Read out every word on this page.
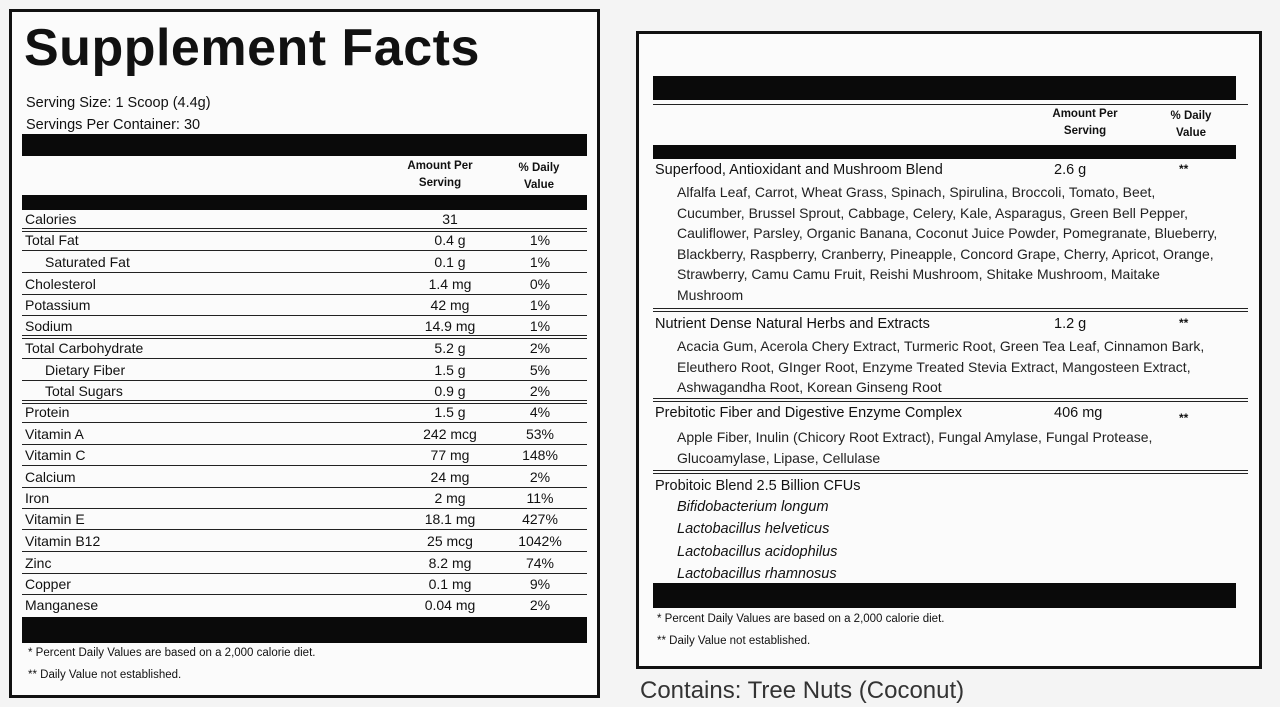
Supplement Facts
Serving Size: 1 Scoop (4.4g)
Servings Per Container: 30
Amount Per
Serving
% Daily
Value
Calories	31
Total Fat	0.4 g	1%
Saturated Fat	0.1 g	1%
Cholesterol	1.4 mg	0%
Potassium	42 mg	1%
Sodium	14.9 mg	1%
Total Carbohydrate	5.2 g	2%
Dietary Fiber	1.5 g	5%
Total Sugars	0.9 g	2%
Protein	1.5 g	4%
Vitamin A	242 mcg	53%
Vitamin C	77 mg	148%
Calcium	24 mg	2%
Iron	2 mg	11%
Vitamin E	18.1 mg	427%
Vitamin B12	25 mcg	1042%
Zinc	8.2 mg	74%
Copper	0.1 mg	9%
Manganese	0.04 mg	2%
* Percent Daily Values are based on a 2,000 calorie diet.
** Daily Value not established.
Amount Per
Serving
% Daily
Value
Superfood, Antioxidant and Mushroom Blend	2.6 g	**
Alfalfa Leaf, Carrot, Wheat Grass, Spinach, Spirulina, Broccoli, Tomato, Beet, Cucumber, Brussel Sprout, Cabbage, Celery, Kale, Asparagus, Green Bell Pepper, Cauliflower, Parsley, Organic Banana, Coconut Juice Powder, Pomegranate, Blueberry, Blackberry, Raspberry, Cranberry, Pineapple, Concord Grape, Cherry, Apricot, Orange, Strawberry, Camu Camu Fruit, Reishi Mushroom, Shitake Mushroom, Maitake Mushroom
Nutrient Dense Natural Herbs and Extracts	1.2 g	**
Acacia Gum, Acerola Chery Extract, Turmeric Root, Green Tea Leaf, Cinnamon Bark, Eleuthero Root, GInger Root, Enzyme Treated Stevia Extract, Mangosteen Extract, Ashwagandha Root, Korean Ginseng Root
Prebitotic Fiber and Digestive Enzyme Complex	406 mg	**
Apple Fiber, Inulin (Chicory Root Extract), Fungal Amylase, Fungal Protease, Glucoamylase, Lipase, Cellulase
Probitoic Blend 2.5 Billion CFUs
Bifidobacterium longum
Lactobacillus helveticus
Lactobacillus acidophilus
Lactobacillus rhamnosus
* Percent Daily Values are based on a 2,000 calorie diet.
** Daily Value not established.
Contains: Tree Nuts (Coconut)
